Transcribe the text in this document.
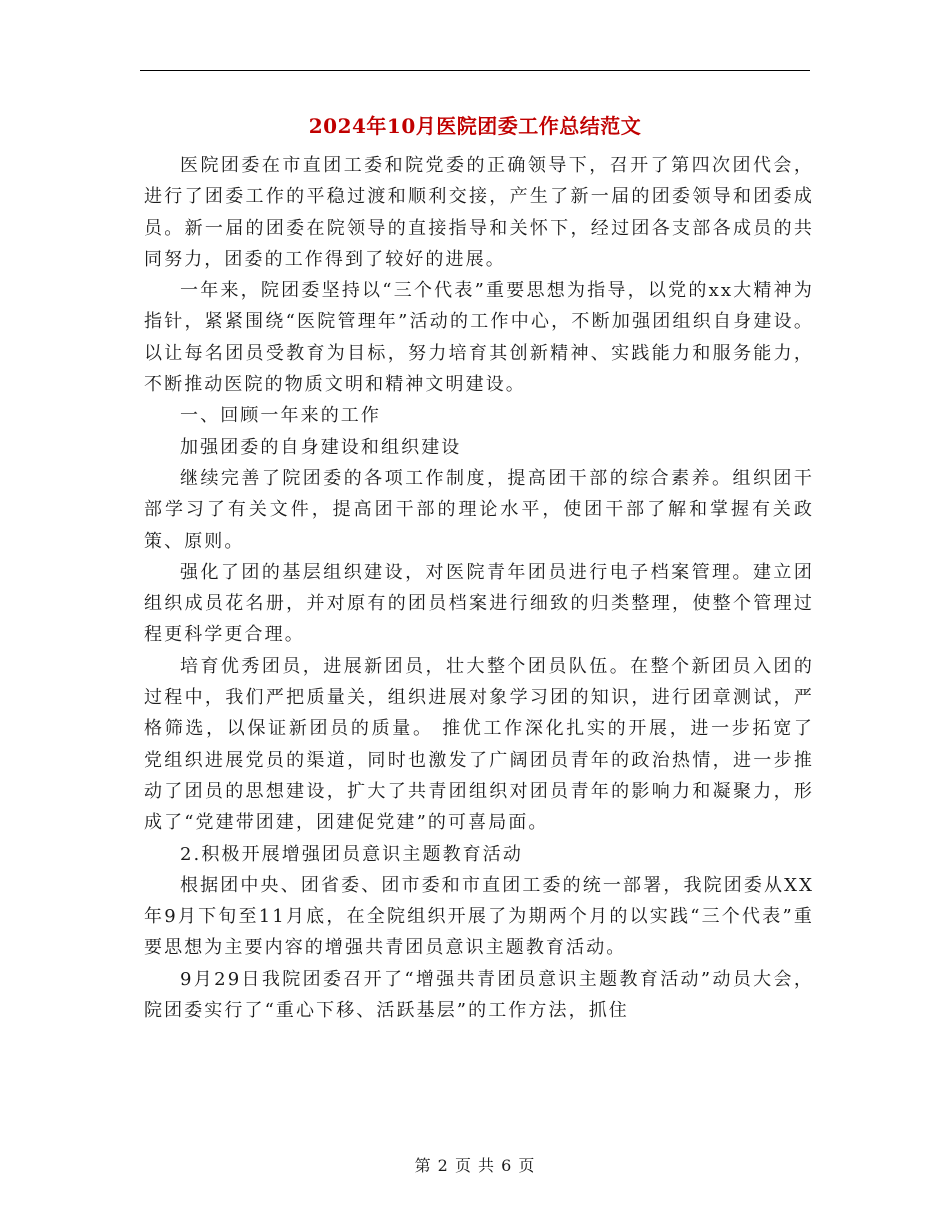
2024年10月医院团委工作总结范文

医院团委在市直团工委和院党委的正确领导下，召开了第四次团代会，进行了团委工作的平稳过渡和顺利交接，产生了新一届的团委领导和团委成员。新一届的团委在院领导的直接指导和关怀下，经过团各支部各成员的共同努力，团委的工作得到了较好的进展。

一年来，院团委坚持以“三个代表”重要思想为指导，以党的xx大精神为指针，紧紧围绕“医院管理年”活动的工作中心，不断加强团组织自身建设。以让每名团员受教育为目标，努力培育其创新精神、实践能力和服务能力，不断推动医院的物质文明和精神文明建设。

一、回顾一年来的工作

加强团委的自身建设和组织建设

继续完善了院团委的各项工作制度，提高团干部的综合素养。组织团干部学习了有关文件，提高团干部的理论水平，使团干部了解和掌握有关政策、原则。

强化了团的基层组织建设，对医院青年团员进行电子档案管理。建立团组织成员花名册，并对原有的团员档案进行细致的归类整理，使整个管理过程更科学更合理。

培育优秀团员，进展新团员，壮大整个团员队伍。在整个新团员入团的过程中，我们严把质量关，组织进展对象学习团的知识，进行团章测试，严格筛选，以保证新团员的质量。 推优工作深化扎实的开展，进一步拓宽了党组织进展党员的渠道，同时也激发了广阔团员青年的政治热情，进一步推动了团员的思想建设，扩大了共青团组织对团员青年的影响力和凝聚力，形成了“党建带团建，团建促党建”的可喜局面。

2.积极开展增强团员意识主题教育活动

根据团中央、团省委、团市委和市直团工委的统一部署，我院团委从XX年9月下旬至11月底，在全院组织开展了为期两个月的以实践“三个代表”重要思想为主要内容的增强共青团员意识主题教育活动。

9月29日我院团委召开了“增强共青团员意识主题教育活动”动员大会，院团委实行了“重心下移、活跃基层”的工作方法，抓住

第 2 页 共 6 页
